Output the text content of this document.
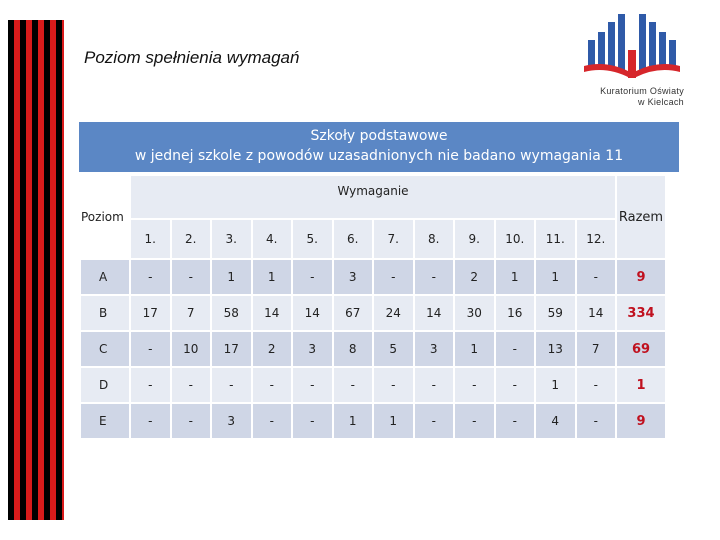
Poziom spełnienia wymagań
Kuratorium Oświaty
w Kielcach
Szkoły podstawowe
w jednej szkole z powodów uzasadnionych nie badano wymagania 11
Poziom	Wymaganie												Razem
	1.	2.	3.	4.	5.	6.	7.	8.	9.	10.	11.	12.	
A	-	-	1	1	-	3	-	-	2	1	1	-	9
B	17	7	58	14	14	67	24	14	30	16	59	14	334
C	-	10	17	2	3	8	5	3	1	-	13	7	69
D	-	-	-	-	-	-	-	-	-	-	1	-	1
E	-	-	3	-	-	1	1	-	-	-	4	-	9
